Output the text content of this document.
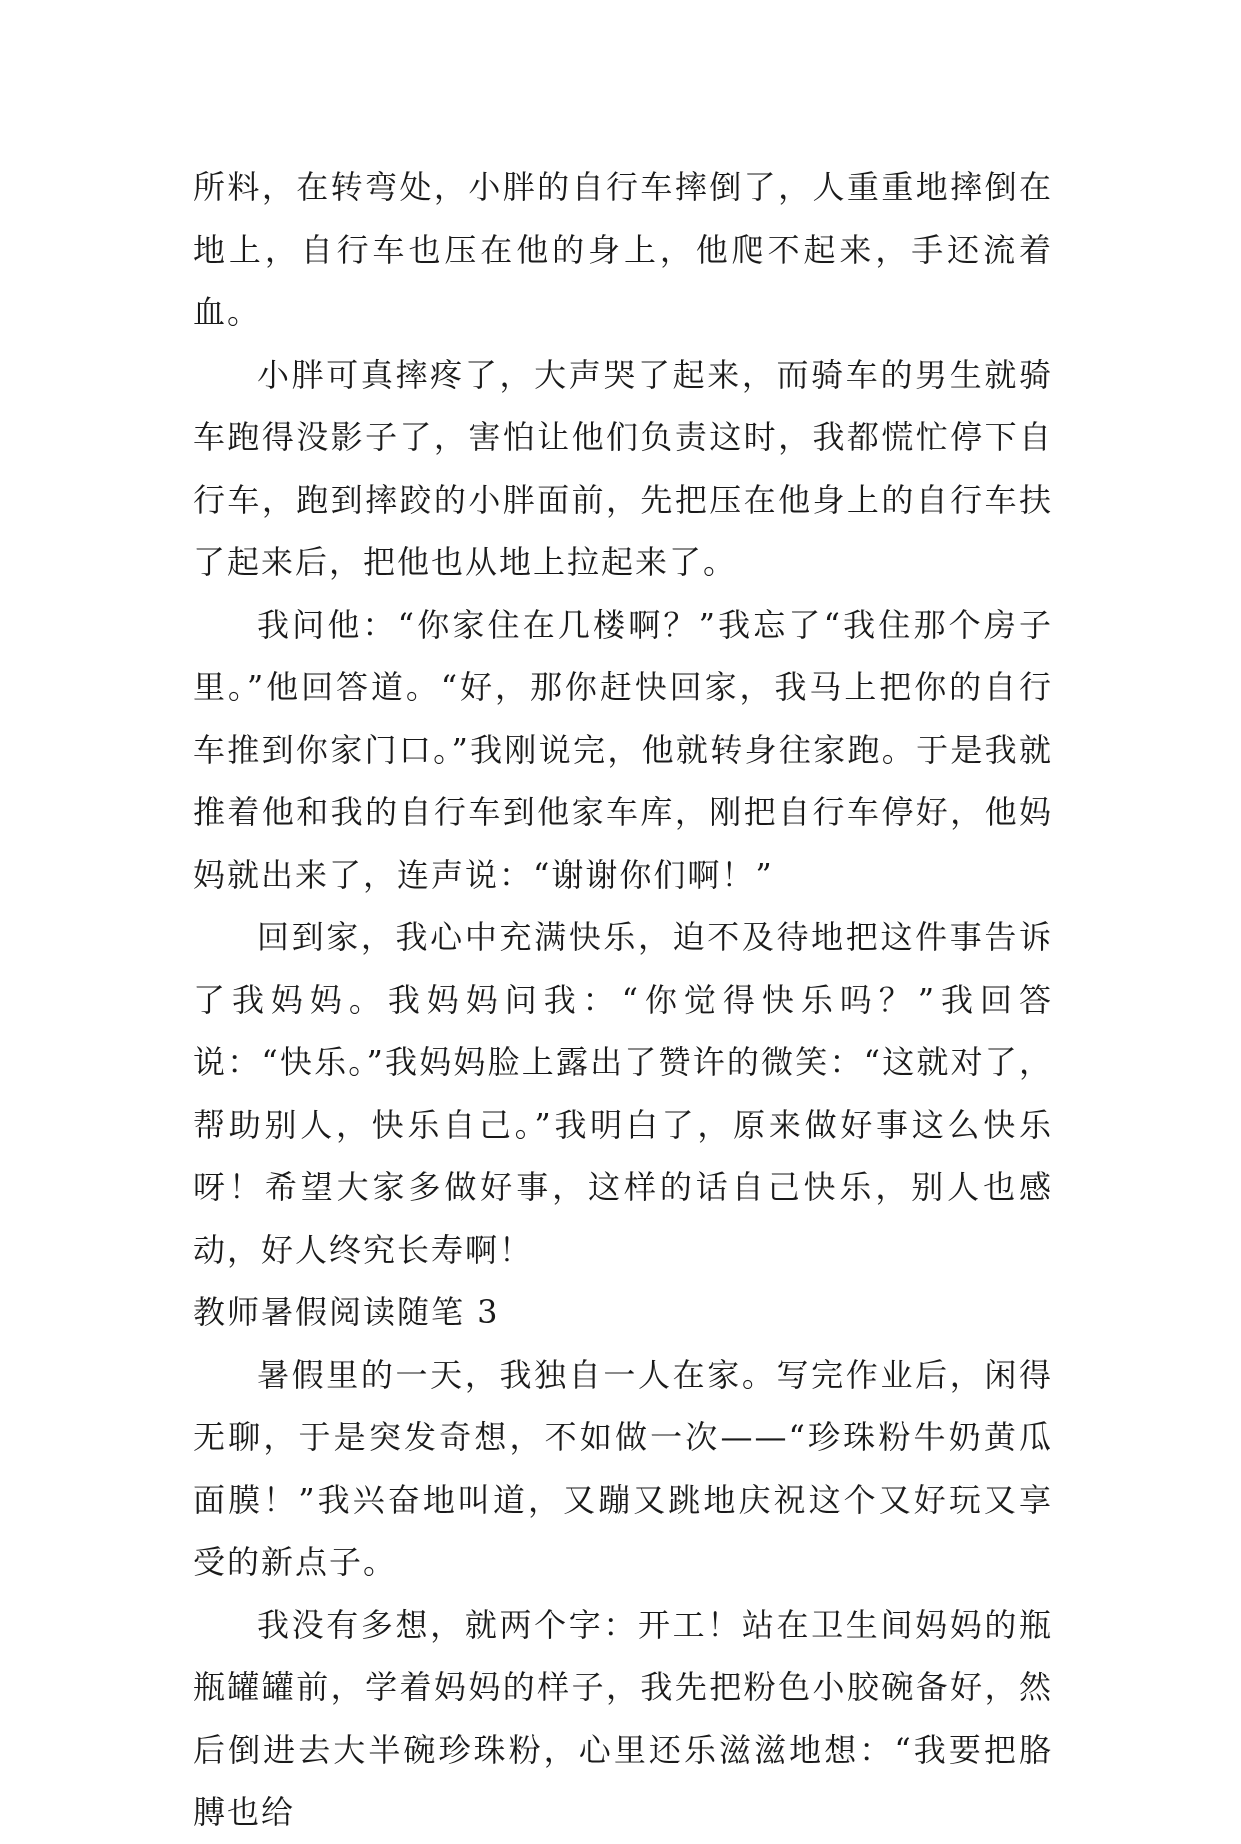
所料，在转弯处，小胖的自行车摔倒了，人重重地摔倒在地上，自行车也压在他的身上，他爬不起来，手还流着血。

小胖可真摔疼了，大声哭了起来，而骑车的男生就骑车跑得没影子了，害怕让他们负责这时，我都慌忙停下自行车，跑到摔跤的小胖面前，先把压在他身上的自行车扶了起来后，把他也从地上拉起来了。

我问他：“你家住在几楼啊？”我忘了“我住那个房子里。”他回答道。“好，那你赶快回家，我马上把你的自行车推到你家门口。”我刚说完，他就转身往家跑。于是我就推着他和我的自行车到他家车库，刚把自行车停好，他妈妈就出来了，连声说：“谢谢你们啊！”

回到家，我心中充满快乐，迫不及待地把这件事告诉了我妈妈。我妈妈问我：“你觉得快乐吗？”我回答说：“快乐。”我妈妈脸上露出了赞许的微笑：“这就对了，帮助别人，快乐自己。”我明白了，原来做好事这么快乐呀！希望大家多做好事，这样的话自己快乐，别人也感动，好人终究长寿啊！

教师暑假阅读随笔 3

暑假里的一天，我独自一人在家。写完作业后，闲得无聊，于是突发奇想，不如做一次——“珍珠粉牛奶黄瓜面膜！”我兴奋地叫道，又蹦又跳地庆祝这个又好玩又享受的新点子。

我没有多想，就两个字：开工！站在卫生间妈妈的瓶瓶罐罐前，学着妈妈的样子，我先把粉色小胶碗备好，然后倒进去大半碗珍珠粉，心里还乐滋滋地想：“我要把胳膊也给
